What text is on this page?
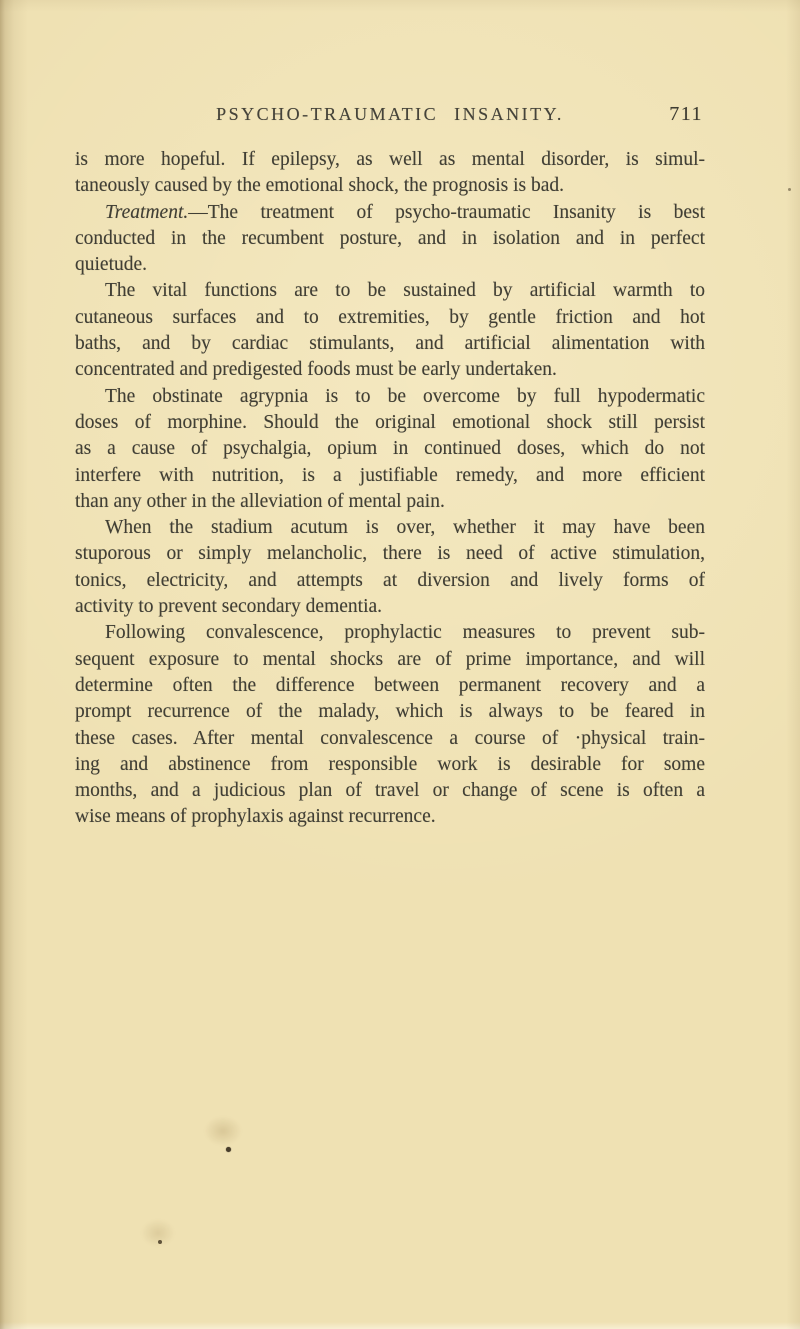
PSYCHO-TRAUMATIC INSANITY.	711
is more hopeful. If epilepsy, as well as mental disorder, is simul-
taneously caused by the emotional shock, the prognosis is bad.
Treatment.—The treatment of psycho-traumatic Insanity is best
conducted in the recumbent posture, and in isolation and in perfect
quietude.
The vital functions are to be sustained by artificial warmth to
cutaneous surfaces and to extremities, by gentle friction and hot
baths, and by cardiac stimulants, and artificial alimentation with
concentrated and predigested foods must be early undertaken.
The obstinate agrypnia is to be overcome by full hypodermatic
doses of morphine. Should the original emotional shock still persist
as a cause of psychalgia, opium in continued doses, which do not
interfere with nutrition, is a justifiable remedy, and more efficient
than any other in the alleviation of mental pain.
When the stadium acutum is over, whether it may have been
stuporous or simply melancholic, there is need of active stimulation,
tonics, electricity, and attempts at diversion and lively forms of
activity to prevent secondary dementia.
Following convalescence, prophylactic measures to prevent sub-
sequent exposure to mental shocks are of prime importance, and will
determine often the difference between permanent recovery and a
prompt recurrence of the malady, which is always to be feared in
these cases. After mental convalescence a course of ·physical train-
ing and abstinence from responsible work is desirable for some
months, and a judicious plan of travel or change of scene is often a
wise means of prophylaxis against recurrence.
